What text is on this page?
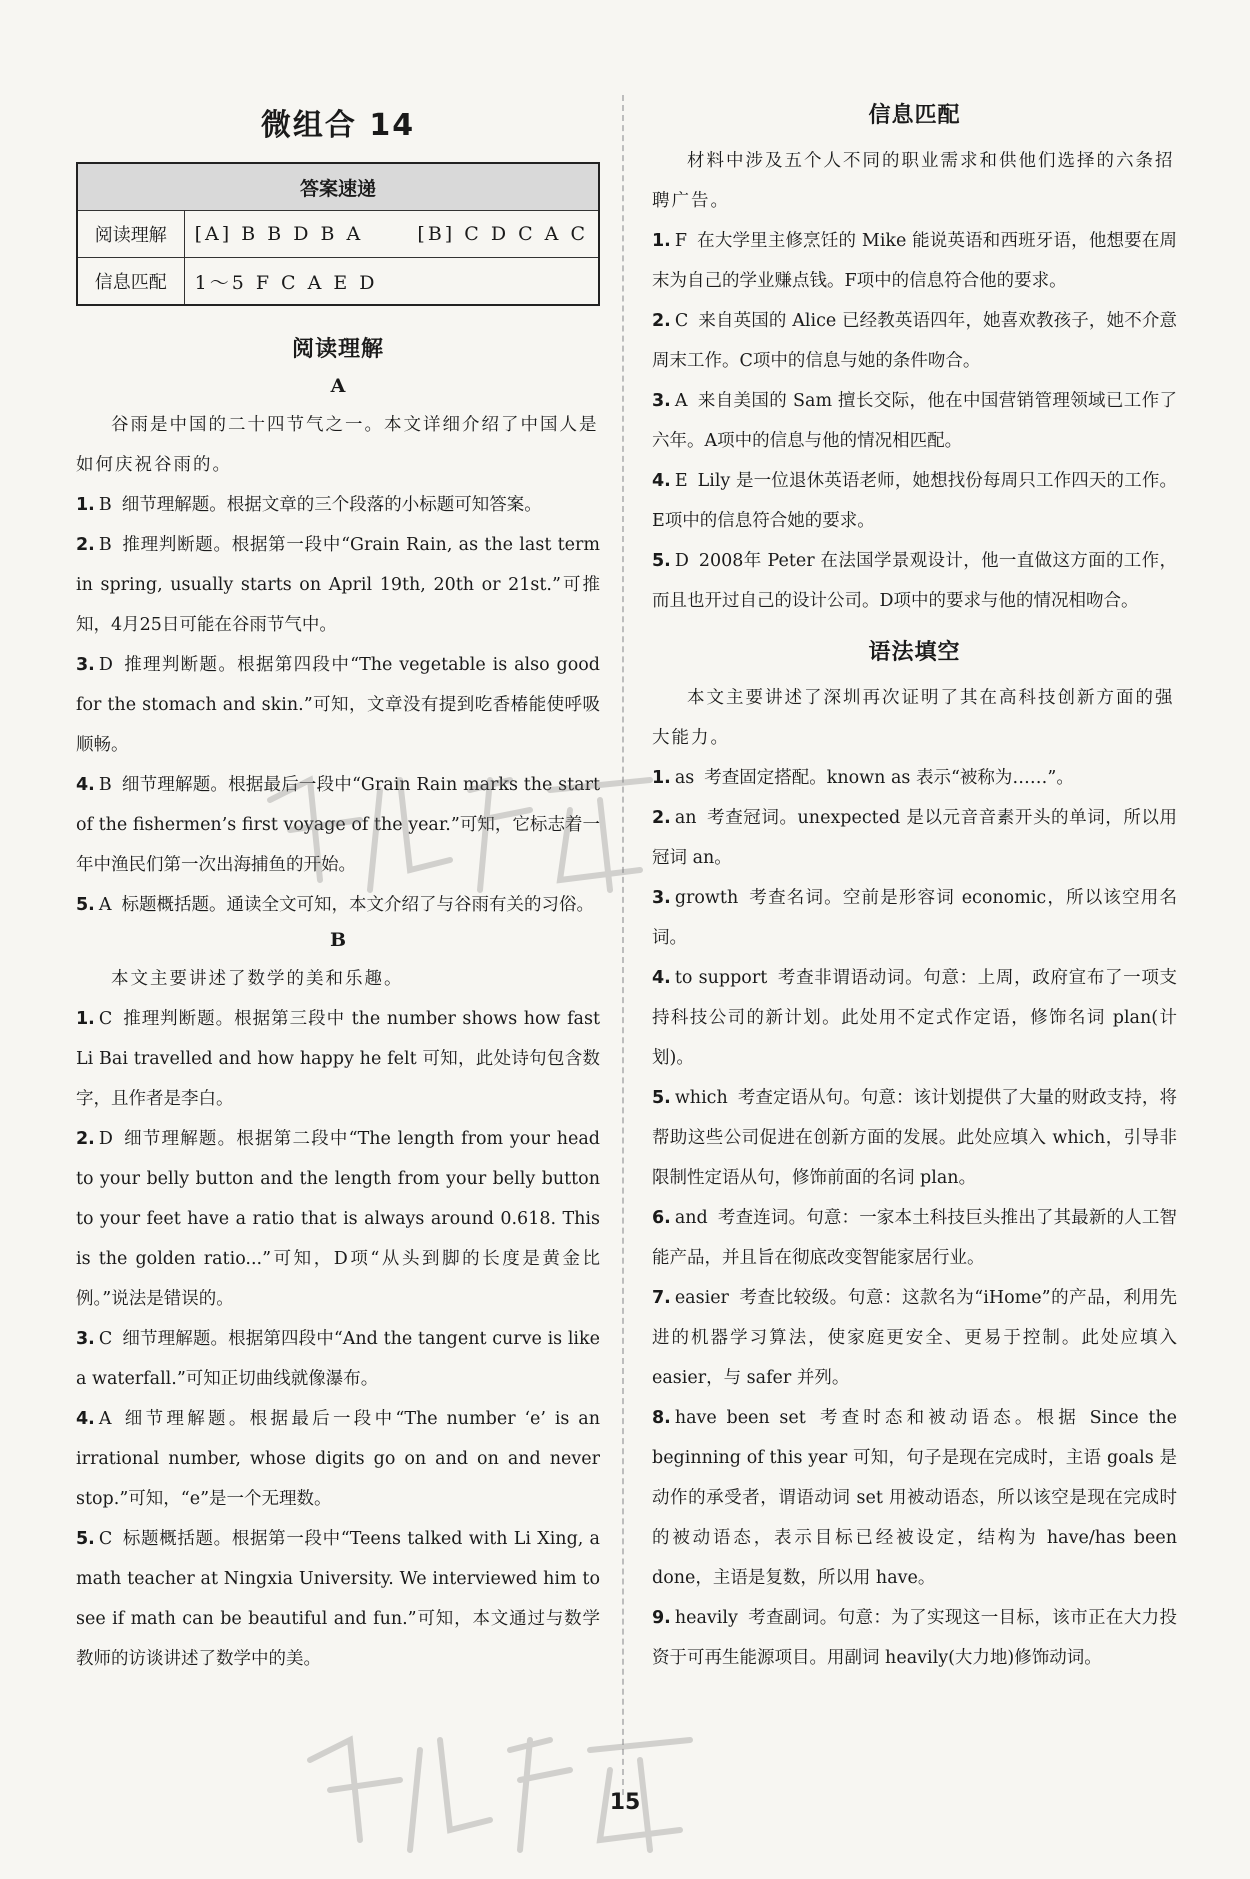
微组合 14
答案速递	
阅读理解	[A] B B D B A      [B] C D C A C
信息匹配	1～5 F C A E D
阅读理解
A

谷雨是中国的二十四节气之一。本文详细介绍了中国人是如何庆祝谷雨的。

1. B 细节理解题。根据文章的三个段落的小标题可知答案。

2. B 推理判断题。根据第一段中“Grain Rain, as the last term in spring, usually starts on April 19th, 20th or 21st.”可推知，4月25日可能在谷雨节气中。

3. D 推理判断题。根据第四段中“The vegetable is also good for the stomach and skin.”可知，文章没有提到吃香椿能使呼吸顺畅。

4. B 细节理解题。根据最后一段中“Grain Rain marks the start of the fishermen’s first voyage of the year.”可知，它标志着一年中渔民们第一次出海捕鱼的开始。

5. A 标题概括题。通读全文可知，本文介绍了与谷雨有关的习俗。

B

本文主要讲述了数学的美和乐趣。

1. C 推理判断题。根据第三段中 the number shows how fast Li Bai travelled and how happy he felt 可知，此处诗句包含数字，且作者是李白。

2. D 细节理解题。根据第二段中“The length from your head to your belly button and the length from your belly button to your feet have a ratio that is always around 0.618. This is the golden ratio...”可知，D项“从头到脚的长度是黄金比例。”说法是错误的。

3. C 细节理解题。根据第四段中“And the tangent curve is like a waterfall.”可知正切曲线就像瀑布。

4. A 细节理解题。根据最后一段中“The number ‘e’ is an irrational number, whose digits go on and on and never stop.”可知，“e”是一个无理数。

5. C 标题概括题。根据第一段中“Teens talked with Li Xing, a math teacher at Ningxia University. We interviewed him to see if math can be beautiful and fun.”可知，本文通过与数学教师的访谈讲述了数学中的美。

信息匹配

材料中涉及五个人不同的职业需求和供他们选择的六条招聘广告。

1. F 在大学里主修烹饪的 Mike 能说英语和西班牙语，他想要在周末为自己的学业赚点钱。F项中的信息符合他的要求。

2. C 来自英国的 Alice 已经教英语四年，她喜欢教孩子，她不介意周末工作。C项中的信息与她的条件吻合。

3. A 来自美国的 Sam 擅长交际，他在中国营销管理领域已工作了六年。A项中的信息与他的情况相匹配。

4. E Lily 是一位退休英语老师，她想找份每周只工作四天的工作。E项中的信息符合她的要求。

5. D 2008年 Peter 在法国学景观设计，他一直做这方面的工作，而且也开过自己的设计公司。D项中的要求与他的情况相吻合。

语法填空

本文主要讲述了深圳再次证明了其在高科技创新方面的强大能力。

1. as 考查固定搭配。known as 表示“被称为……”。

2. an 考查冠词。unexpected 是以元音音素开头的单词，所以用冠词 an。

3. growth 考查名词。空前是形容词 economic，所以该空用名词。

4. to support 考查非谓语动词。句意：上周，政府宣布了一项支持科技公司的新计划。此处用不定式作定语，修饰名词 plan(计划)。

5. which 考查定语从句。句意：该计划提供了大量的财政支持，将帮助这些公司促进在创新方面的发展。此处应填入 which，引导非限制性定语从句，修饰前面的名词 plan。

6. and 考查连词。句意：一家本土科技巨头推出了其最新的人工智能产品，并且旨在彻底改变智能家居行业。

7. easier 考查比较级。句意：这款名为“iHome”的产品，利用先进的机器学习算法，使家庭更安全、更易于控制。此处应填入 easier，与 safer 并列。

8. have been set 考查时态和被动语态。根据 Since the beginning of this year 可知，句子是现在完成时，主语 goals 是动作的承受者，谓语动词 set 用被动语态，所以该空是现在完成时的被动语态，表示目标已经被设定，结构为 have/has been done，主语是复数，所以用 have。

9. heavily 考查副词。句意：为了实现这一目标，该市正在大力投资于可再生能源项目。用副词 heavily(大力地)修饰动词。

15
